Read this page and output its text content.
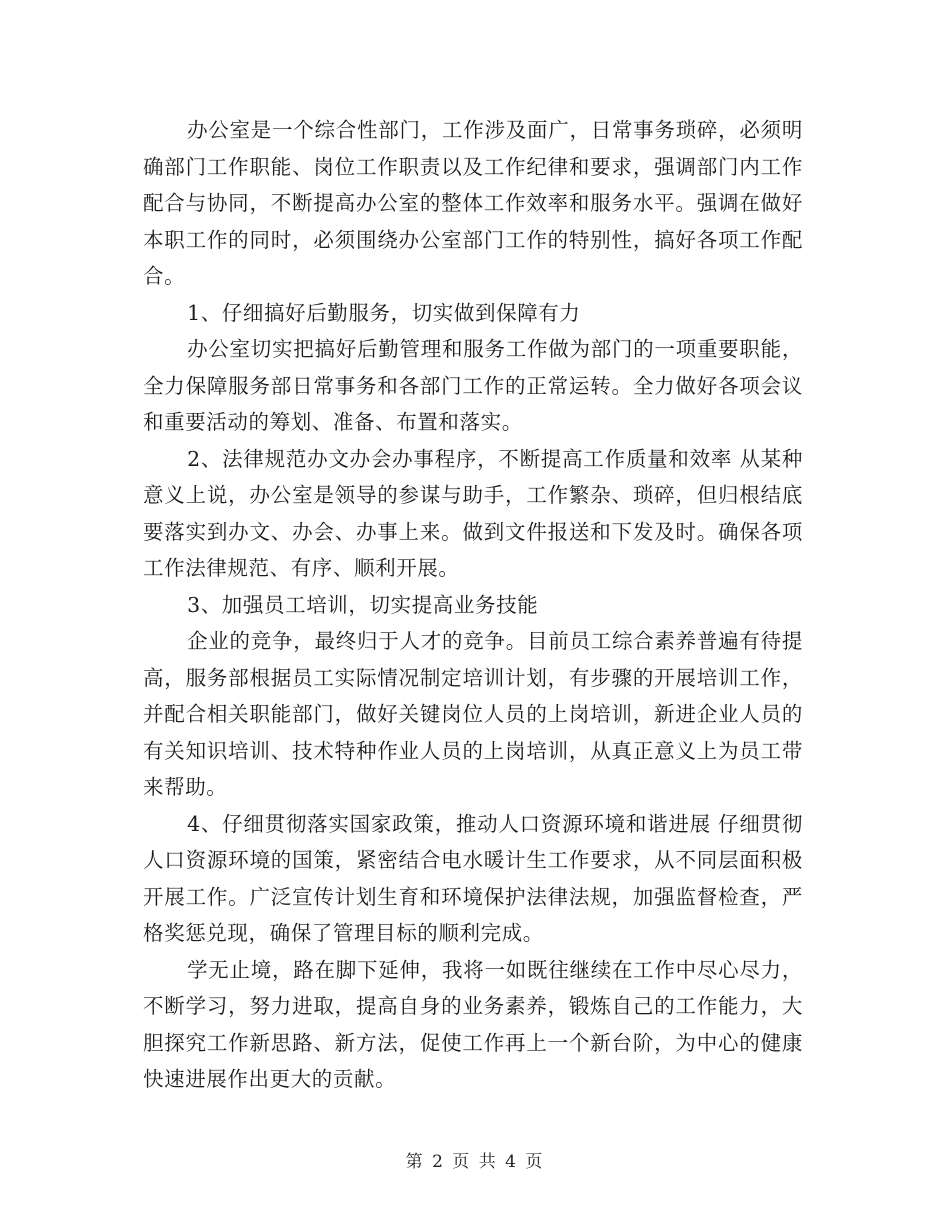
办公室是一个综合性部门，工作涉及面广，日常事务琐碎，必须明确部门工作职能、岗位工作职责以及工作纪律和要求，强调部门内工作配合与协同，不断提高办公室的整体工作效率和服务水平。强调在做好本职工作的同时，必须围绕办公室部门工作的特别性，搞好各项工作配合。

1、仔细搞好后勤服务，切实做到保障有力

办公室切实把搞好后勤管理和服务工作做为部门的一项重要职能，全力保障服务部日常事务和各部门工作的正常运转。全力做好各项会议和重要活动的筹划、准备、布置和落实。

2、法律规范办文办会办事程序，不断提高工作质量和效率 从某种意义上说，办公室是领导的参谋与助手，工作繁杂、琐碎，但归根结底要落实到办文、办会、办事上来。做到文件报送和下发及时。确保各项工作法律规范、有序、顺利开展。

3、加强员工培训，切实提高业务技能

企业的竞争，最终归于人才的竞争。目前员工综合素养普遍有待提高，服务部根据员工实际情况制定培训计划，有步骤的开展培训工作，并配合相关职能部门，做好关键岗位人员的上岗培训，新进企业人员的有关知识培训、技术特种作业人员的上岗培训，从真正意义上为员工带来帮助。

4、仔细贯彻落实国家政策，推动人口资源环境和谐进展 仔细贯彻人口资源环境的国策，紧密结合电水暖计生工作要求，从不同层面积极开展工作。广泛宣传计划生育和环境保护法律法规，加强监督检查，严格奖惩兑现，确保了管理目标的顺利完成。

学无止境，路在脚下延伸，我将一如既往继续在工作中尽心尽力，不断学习，努力进取，提高自身的业务素养，锻炼自己的工作能力，大胆探究工作新思路、新方法，促使工作再上一个新台阶，为中心的健康快速进展作出更大的贡献。

第 2 页 共 4 页
